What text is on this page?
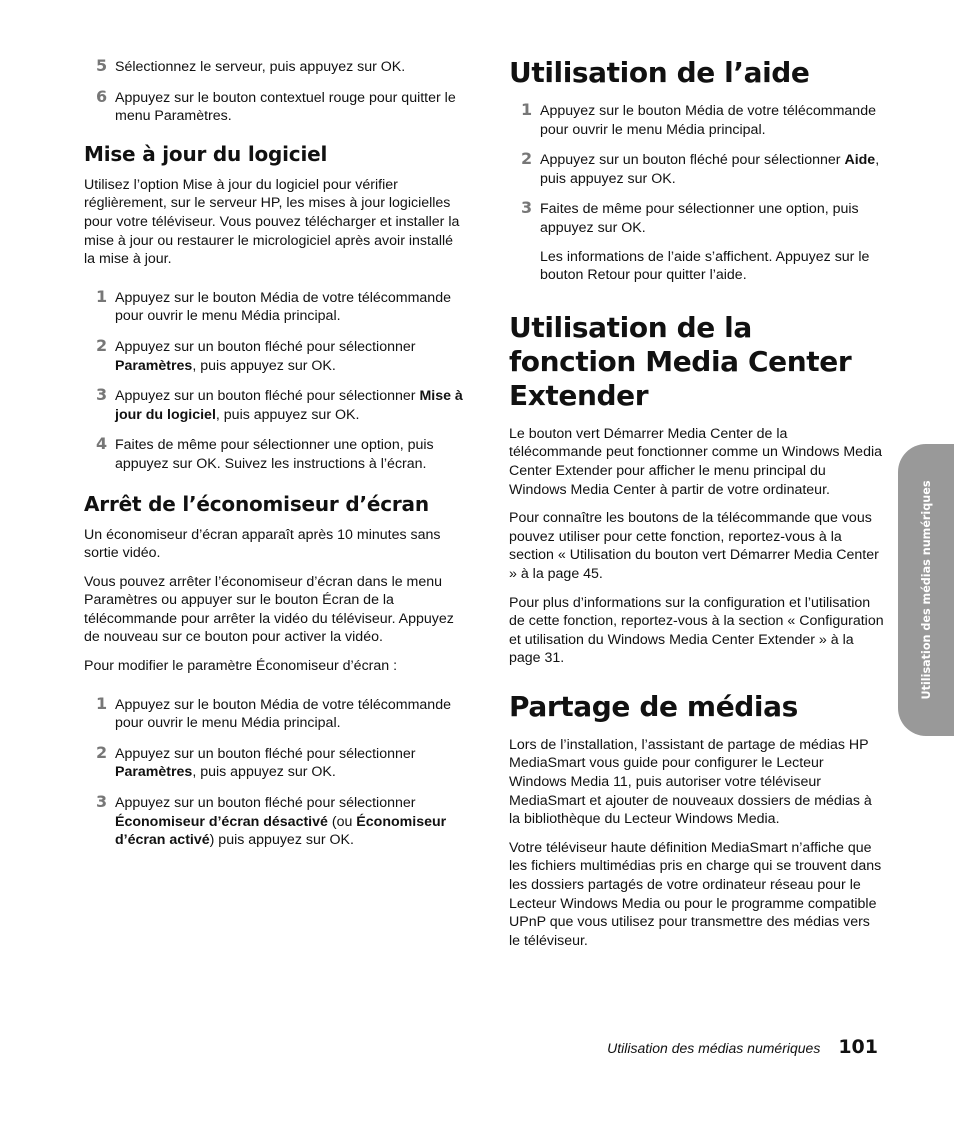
5 Sélectionnez le serveur, puis appuyez sur OK.
6 Appuyez sur le bouton contextuel rouge pour quitter le menu Paramètres.
Mise à jour du logiciel

Utilisez l’option Mise à jour du logiciel pour vérifier réglièrement, sur le serveur HP, les mises à jour logicielles pour votre téléviseur. Vous pouvez télécharger et installer la mise à jour ou restaurer le micrologiciel après avoir installé la mise à jour.

1 Appuyez sur le bouton Média de votre télécommande pour ouvrir le menu Média principal.
2 Appuyez sur un bouton fléché pour sélectionner Paramètres, puis appuyez sur OK.
3 Appuyez sur un bouton fléché pour sélectionner Mise à jour du logiciel, puis appuyez sur OK.
4 Faites de même pour sélectionner une option, puis appuyez sur OK. Suivez les instructions à l’écran.
Arrêt de l’économiseur d’écran

Un économiseur d’écran apparaît après 10 minutes sans sortie vidéo.

Vous pouvez arrêter l’économiseur d’écran dans le menu Paramètres ou appuyer sur le bouton Écran de la télécommande pour arrêter la vidéo du téléviseur. Appuyez de nouveau sur ce bouton pour activer la vidéo.

Pour modifier le paramètre Économiseur d’écran :

1 Appuyez sur le bouton Média de votre télécommande pour ouvrir le menu Média principal.
2 Appuyez sur un bouton fléché pour sélectionner Paramètres, puis appuyez sur OK.
3 Appuyez sur un bouton fléché pour sélectionner Économiseur d’écran désactivé (ou Économiseur d’écran activé) puis appuyez sur OK.
Utilisation de l’aide
1 Appuyez sur le bouton Média de votre télécommande pour ouvrir le menu Média principal.
2 Appuyez sur un bouton fléché pour sélectionner Aide, puis appuyez sur OK.
3 Faites de même pour sélectionner une option, puis appuyez sur OK.

Les informations de l’aide s’affichent. Appuyez sur le bouton Retour pour quitter l’aide.

Utilisation de la fonction Media Center Extender

Le bouton vert Démarrer Media Center de la télécommande peut fonctionner comme un Windows Media Center Extender pour afficher le menu principal du Windows Media Center à partir de votre ordinateur.

Pour connaître les boutons de la télécommande que vous pouvez utiliser pour cette fonction, reportez-vous à la section « Utilisation du bouton vert Démarrer Media Center » à la page 45.

Pour plus d’informations sur la configuration et l’utilisation de cette fonction, reportez-vous à la section « Configuration et utilisation du Windows Media Center Extender » à la page 31.

Partage de médias

Lors de l’installation, l’assistant de partage de médias HP MediaSmart vous guide pour configurer le Lecteur Windows Media 11, puis autoriser votre téléviseur MediaSmart et ajouter de nouveaux dossiers de médias à la bibliothèque du Lecteur Windows Media.

Votre téléviseur haute définition MediaSmart n’affiche que les fichiers multimédias pris en charge qui se trouvent dans les dossiers partagés de votre ordinateur réseau pour le Lecteur Windows Media ou pour le programme compatible UPnP que vous utilisez pour transmettre des médias vers le téléviseur.

Utilisation des médias numériques
Utilisation des médias numériques 101
